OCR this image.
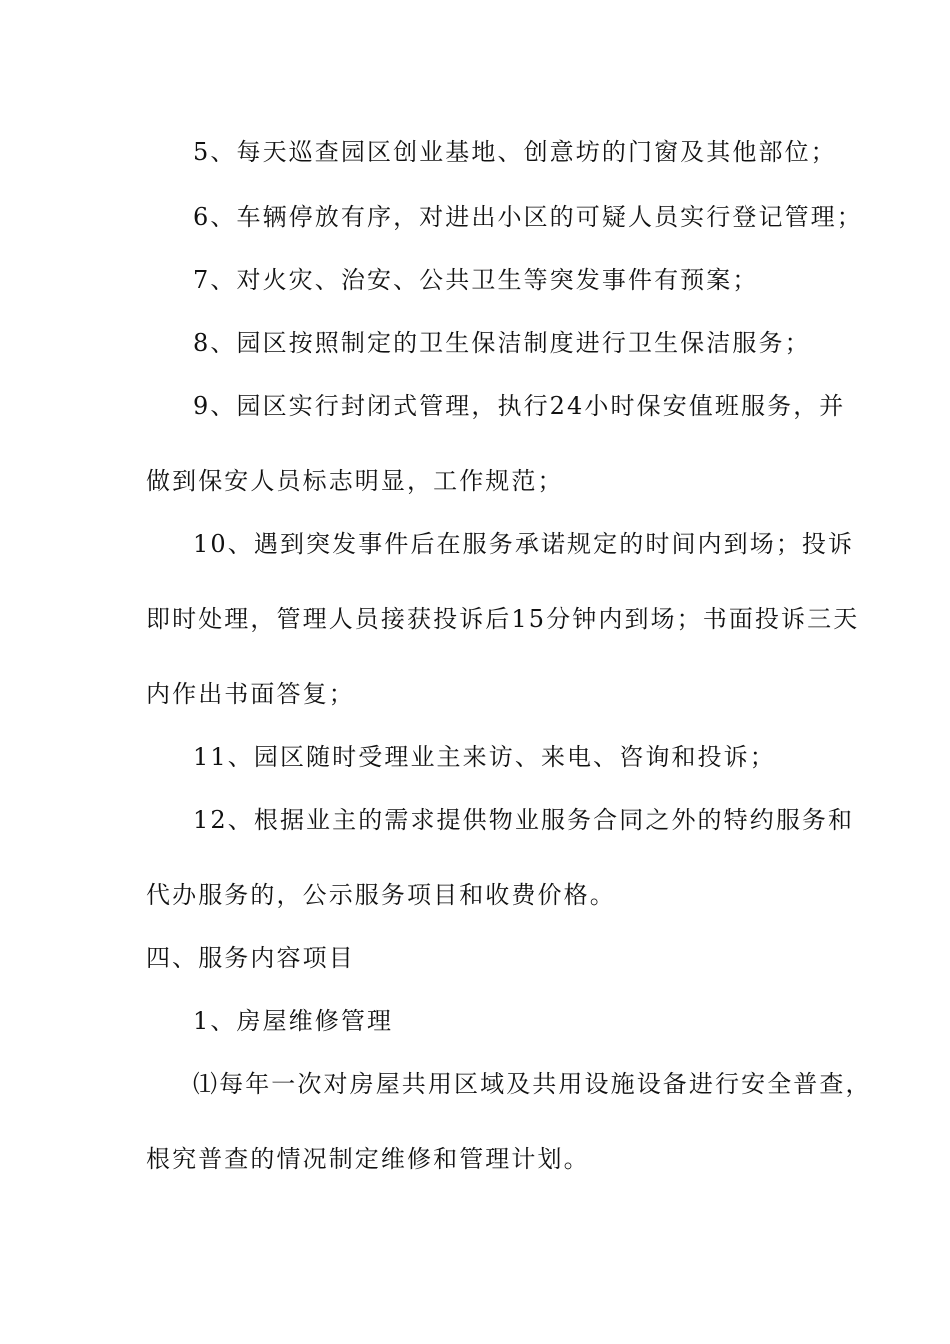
5、每天巡查园区创业基地、创意坊的门窗及其他部位；
6、车辆停放有序，对进出小区的可疑人员实行登记管理；
7、对火灾、治安、公共卫生等突发事件有预案；
8、园区按照制定的卫生保洁制度进行卫生保洁服务；
9、园区实行封闭式管理，执行24小时保安值班服务，并
做到保安人员标志明显，工作规范；
10、遇到突发事件后在服务承诺规定的时间内到场；投诉
即时处理，管理人员接获投诉后15分钟内到场；书面投诉三天
内作出书面答复；
11、园区随时受理业主来访、来电、咨询和投诉；
12、根据业主的需求提供物业服务合同之外的特约服务和
代办服务的，公示服务项目和收费价格。
四、服务内容项目
1、房屋维修管理
⑴每年一次对房屋共用区域及共用设施设备进行安全普查，
根究普查的情况制定维修和管理计划。
